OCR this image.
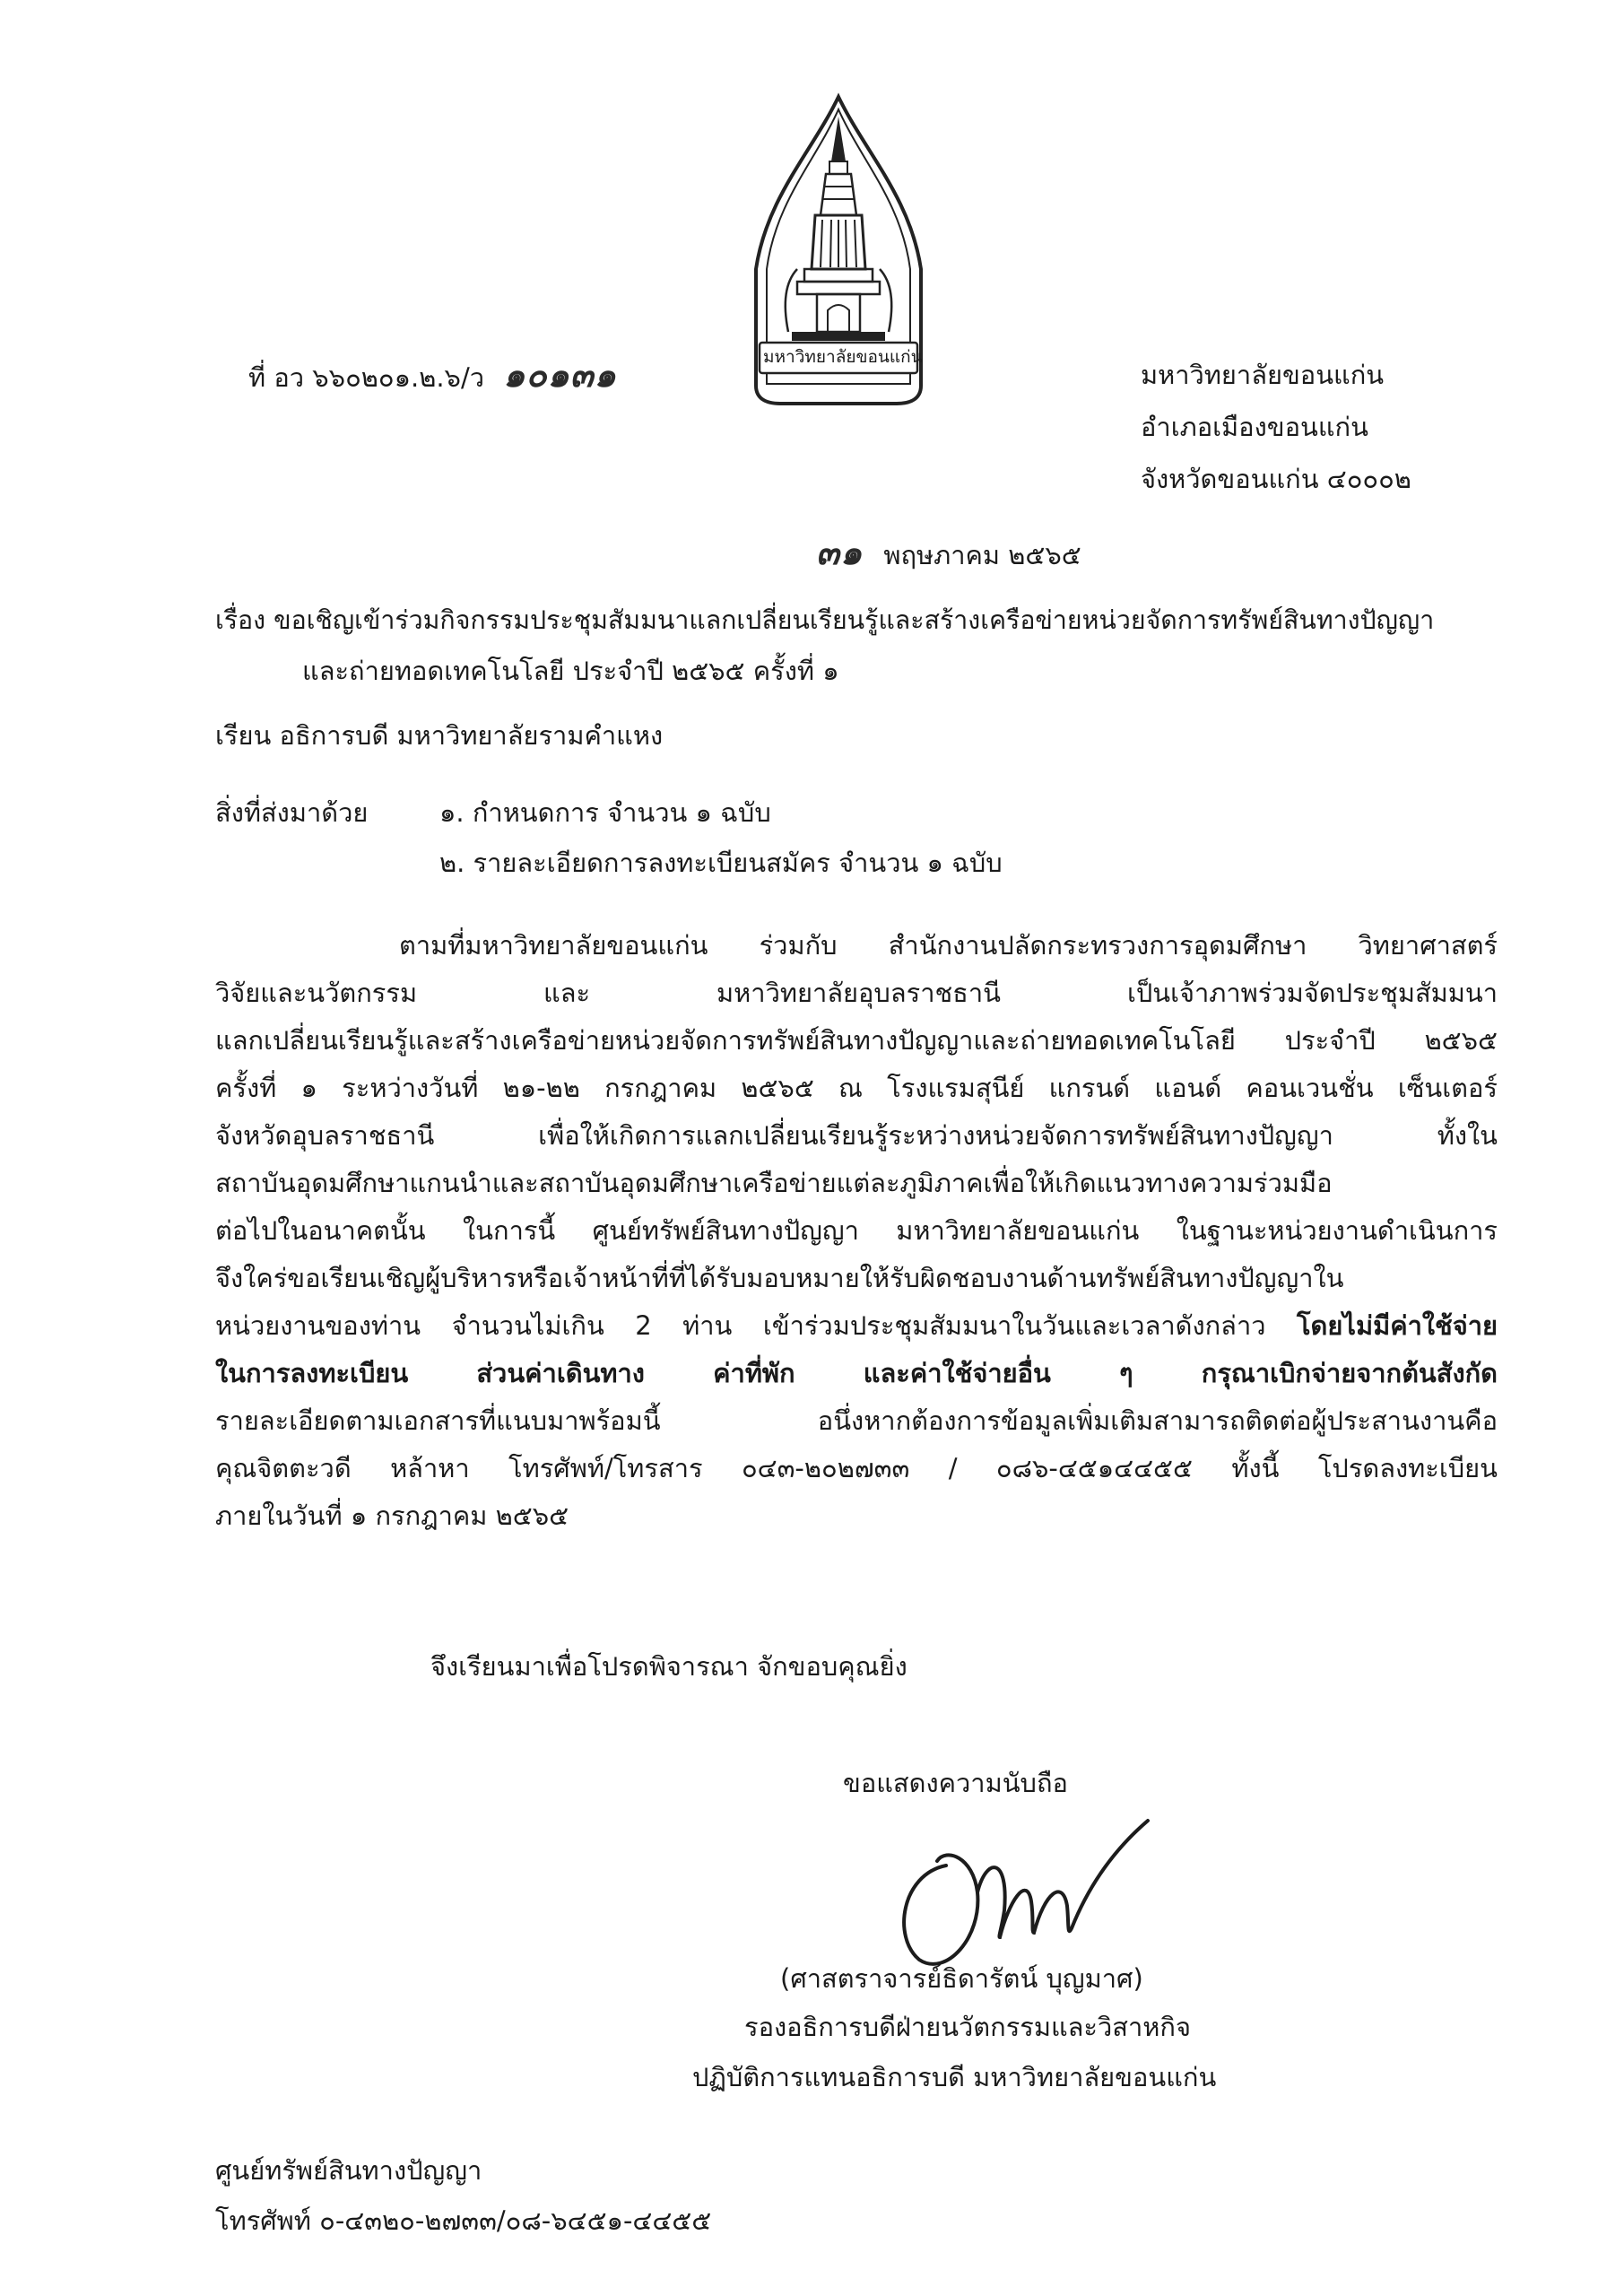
มหาวิทยาลัยขอนแก่น
ที่ อว ๖๖๐๒๐๑.๒.๖/ว ๑๐๑๓๑	มหาวิทยาลัยขอนแก่น
อำเภอเมืองขอนแก่น
จังหวัดขอนแก่น ๔๐๐๐๒
๓๑ พฤษภาคม ๒๕๖๕
เรื่อง ขอเชิญเข้าร่วมกิจกรรมประชุมสัมมนาแลกเปลี่ยนเรียนรู้และสร้างเครือข่ายหน่วยจัดการทรัพย์สินทางปัญญา
และถ่ายทอดเทคโนโลยี ประจำปี ๒๕๖๕ ครั้งที่ ๑
เรียน อธิการบดี มหาวิทยาลัยรามคำแหง
สิ่งที่ส่งมาด้วย	๑. กำหนดการ จำนวน ๑ ฉบับ
๒. รายละเอียดการลงทะเบียนสมัคร จำนวน ๑ ฉบับ
ตามที่มหาวิทยาลัยขอนแก่น ร่วมกับ สำนักงานปลัดกระทรวงการอุดมศึกษา วิทยาศาสตร์
วิจัยและนวัตกรรม และ มหาวิทยาลัยอุบลราชธานี เป็นเจ้าภาพร่วมจัดประชุมสัมมนา
แลกเปลี่ยนเรียนรู้และสร้างเครือข่ายหน่วยจัดการทรัพย์สินทางปัญญาและถ่ายทอดเทคโนโลยี ประจำปี ๒๕๖๕
ครั้งที่ ๑ ระหว่างวันที่ ๒๑-๒๒ กรกฎาคม ๒๕๖๕ ณ โรงแรมสุนีย์ แกรนด์ แอนด์ คอนเวนชั่น เซ็นเตอร์
จังหวัดอุบลราชธานี เพื่อให้เกิดการแลกเปลี่ยนเรียนรู้ระหว่างหน่วยจัดการทรัพย์สินทางปัญญา ทั้งใน
สถาบันอุดมศึกษาแกนนำและสถาบันอุดมศึกษาเครือข่ายแต่ละภูมิภาคเพื่อให้เกิดแนวทางความร่วมมือ
ต่อไปในอนาคตนั้น ในการนี้ ศูนย์ทรัพย์สินทางปัญญา มหาวิทยาลัยขอนแก่น ในฐานะหน่วยงานดำเนินการ
จึงใคร่ขอเรียนเชิญผู้บริหารหรือเจ้าหน้าที่ที่ได้รับมอบหมายให้รับผิดชอบงานด้านทรัพย์สินทางปัญญาใน
หน่วยงานของท่าน จำนวนไม่เกิน 2 ท่าน เข้าร่วมประชุมสัมมนาในวันและเวลาดังกล่าว โดยไม่มีค่าใช้จ่าย
ในการลงทะเบียน ส่วนค่าเดินทาง ค่าที่พัก และค่าใช้จ่ายอื่น ๆ กรุณาเบิกจ่ายจากต้นสังกัด
รายละเอียดตามเอกสารที่แนบมาพร้อมนี้ อนึ่งหากต้องการข้อมูลเพิ่มเติมสามารถติดต่อผู้ประสานงานคือ
คุณจิตตะวดี หล้าหา โทรศัพท์/โทรสาร ๐๔๓-๒๐๒๗๓๓ / ๐๘๖-๔๕๑๔๔๕๕ ทั้งนี้ โปรดลงทะเบียน
ภายในวันที่ ๑ กรกฎาคม ๒๕๖๕
จึงเรียนมาเพื่อโปรดพิจารณา จักขอบคุณยิ่ง
ขอแสดงความนับถือ
(ศาสตราจารย์ธิดารัตน์ บุญมาศ)
รองอธิการบดีฝ่ายนวัตกรรมและวิสาหกิจ
ปฏิบัติการแทนอธิการบดี มหาวิทยาลัยขอนแก่น
ศูนย์ทรัพย์สินทางปัญญา
โทรศัพท์ ๐-๔๓๒๐-๒๗๓๓/๐๘-๖๔๕๑-๔๔๕๕
